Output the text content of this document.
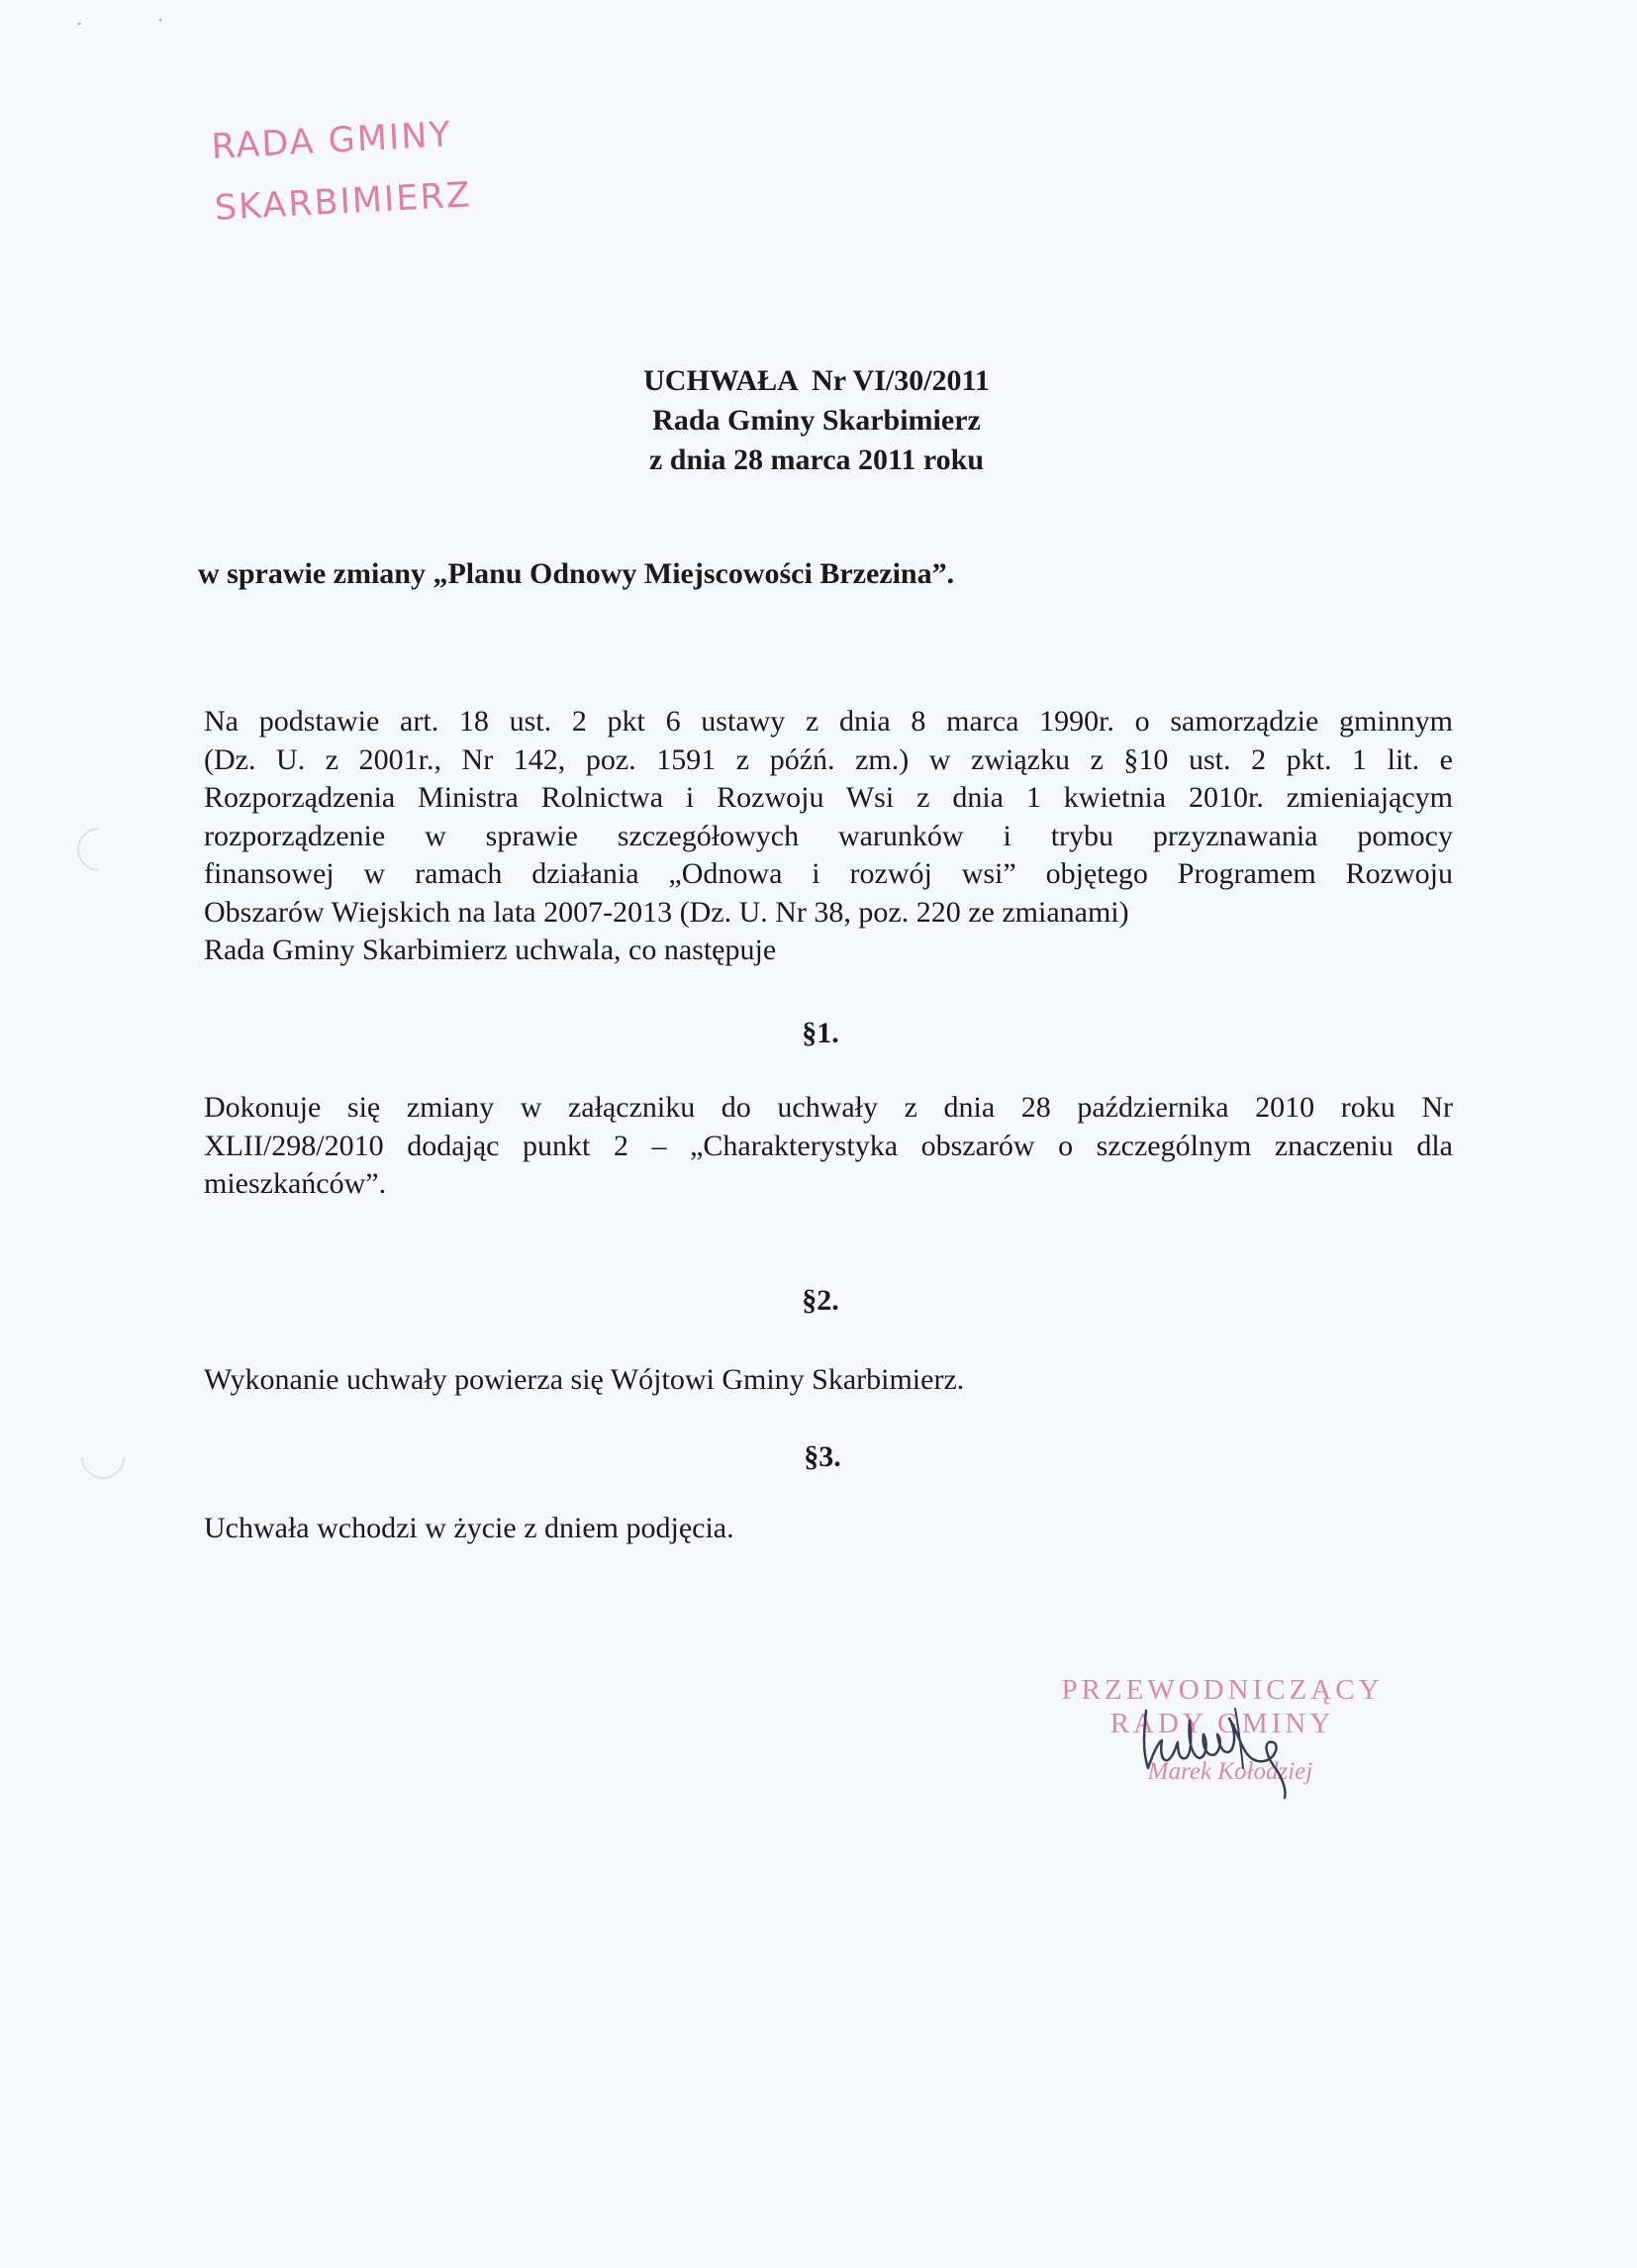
RADA GMINY
SKARBIMIERZ
UCHWAŁA  Nr VI/30/2011
Rada Gminy Skarbimierz
z dnia 28 marca 2011 roku
w sprawie zmiany „Planu Odnowy Miejscowości Brzezina”.
Na podstawie art. 18 ust. 2 pkt 6 ustawy z dnia 8 marca 1990r. o samorządzie gminnym
(Dz. U. z 2001r., Nr 142, poz. 1591 z późń. zm.) w związku z §10 ust. 2 pkt. 1 lit. e
Rozporządzenia Ministra Rolnictwa i Rozwoju Wsi z dnia 1 kwietnia 2010r. zmieniającym
rozporządzenie w sprawie szczegółowych warunków i trybu przyznawania pomocy
finansowej w ramach działania „Odnowa i rozwój wsi” objętego Programem Rozwoju
Obszarów Wiejskich na lata 2007-2013 (Dz. U. Nr 38, poz. 220 ze zmianami)
Rada Gminy Skarbimierz uchwala, co następuje
§1.
Dokonuje się zmiany w załączniku do uchwały z dnia 28 października 2010 roku Nr
XLII/298/2010 dodając punkt 2 – „Charakterystyka obszarów o szczególnym znaczeniu dla
mieszkańców”.
§2.
Wykonanie uchwały powierza się Wójtowi Gminy Skarbimierz.
§3.
Uchwała wchodzi w życie z dniem podjęcia.
PRZEWODNICZĄCY
RADY GMINY
Marek Kołodziej
